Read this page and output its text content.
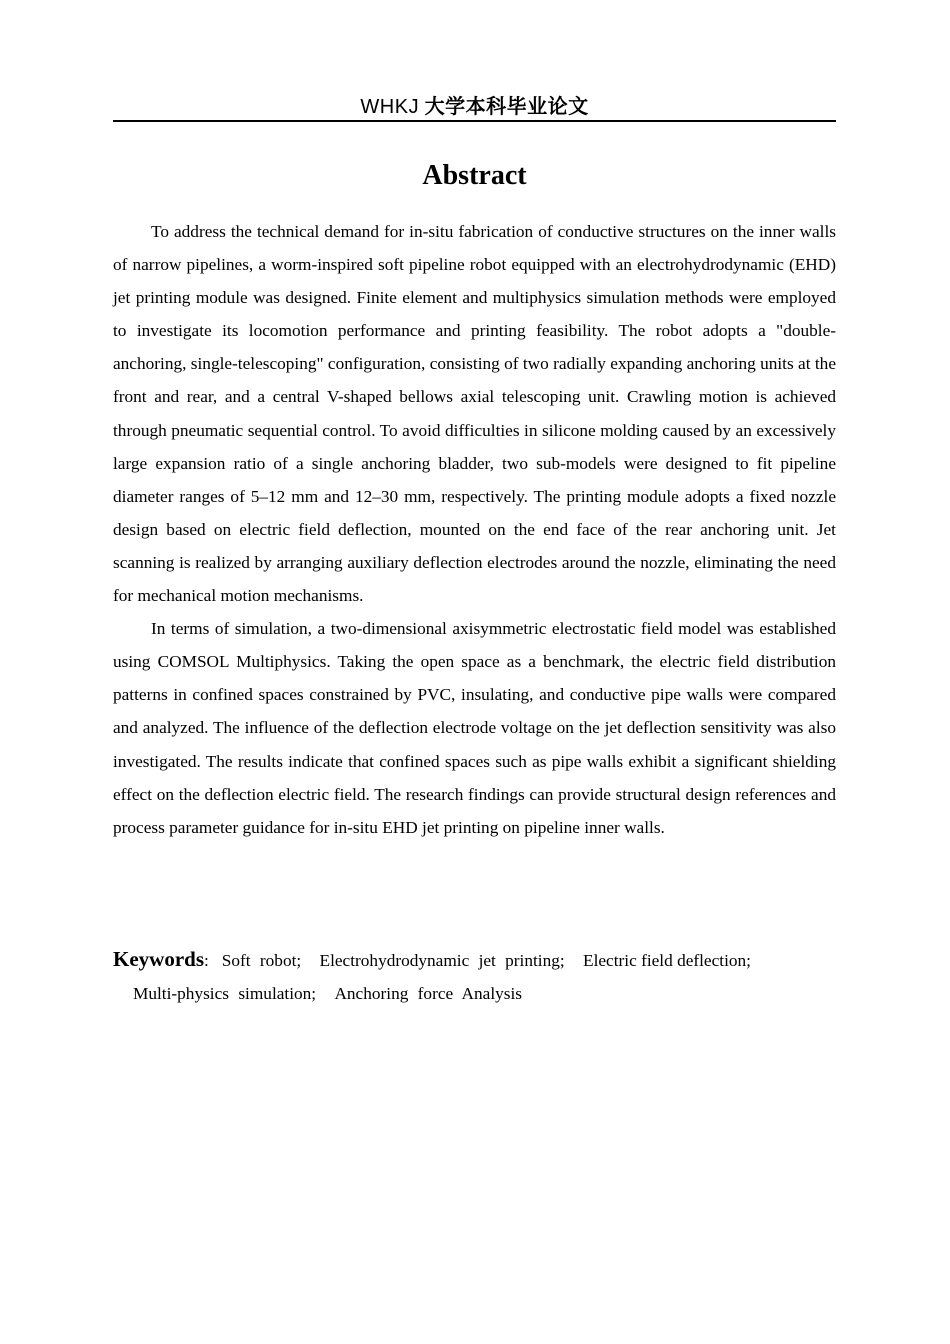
WHKJ 大学本科毕业论文
Abstract

To address the technical demand for in-situ fabrication of conductive structures on the inner walls of narrow pipelines, a worm-inspired soft pipeline robot equipped with an electrohydrodynamic (EHD) jet printing module was designed. Finite element and multiphysics simulation methods were employed to investigate its locomotion performance and printing feasibility. The robot adopts a "double-anchoring, single-telescoping" configuration, consisting of two radially expanding anchoring units at the front and rear, and a central V-shaped bellows axial telescoping unit. Crawling motion is achieved through pneumatic sequential control. To avoid difficulties in silicone molding caused by an excessively large expansion ratio of a single anchoring bladder, two sub-models were designed to fit pipeline diameter ranges of 5–12 mm and 12–30 mm, respectively. The printing module adopts a fixed nozzle design based on electric field deflection, mounted on the end face of the rear anchoring unit. Jet scanning is realized by arranging auxiliary deflection electrodes around the nozzle, eliminating the need for mechanical motion mechanisms.

In terms of simulation, a two-dimensional axisymmetric electrostatic field model was established using COMSOL Multiphysics. Taking the open space as a benchmark, the electric field distribution patterns in confined spaces constrained by PVC, insulating, and conductive pipe walls were compared and analyzed. The influence of the deflection electrode voltage on the jet deflection sensitivity was also investigated. The results indicate that confined spaces such as pipe walls exhibit a significant shielding effect on the deflection electric field. The research findings can provide structural design references and process parameter guidance for in-situ EHD jet printing on pipeline inner walls.

Keywords: Soft robot; Electrohydrodynamic jet printing; Electric field deflection;
Multi-physics simulation; Anchoring force Analysis
